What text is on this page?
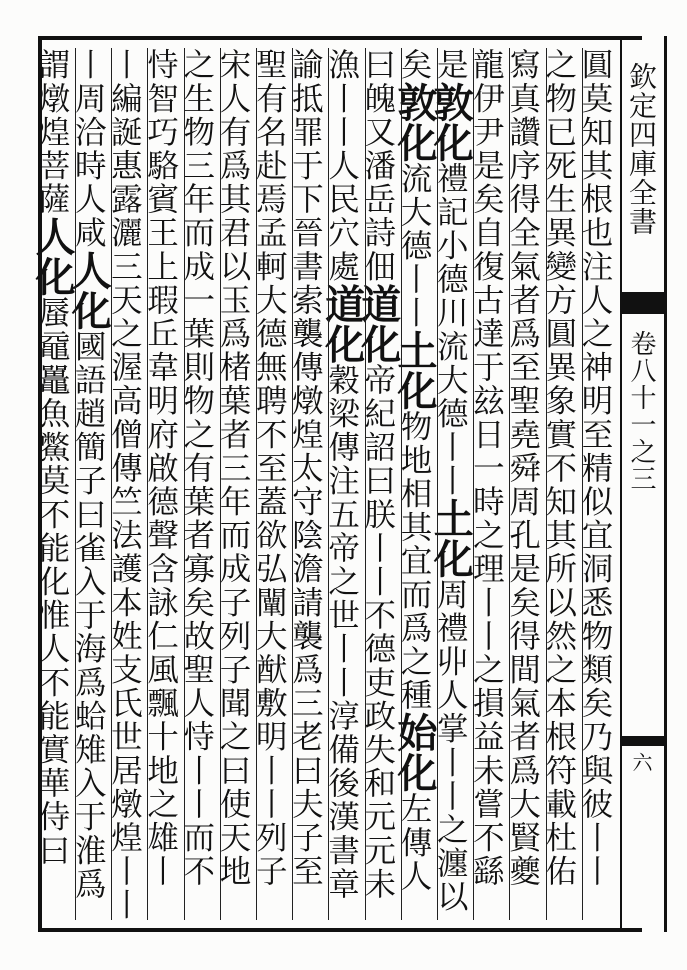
圓莫知其根也注人之神明至精似宜洞悉物類矣乃與彼丨丨
之物已死生異變方圓異象實不知其所以然之本根符載杜佑
寫真讚序得全氣者爲至聖堯舜周孔是矣得間氣者爲大賢夔
龍伊尹是矣自復古達于玆日一時之理丨丨之損益未嘗不繇
是敦化禮記小德川流大德丨丨土化周禮丱人掌丨丨之瀍以
矣敦化流大德丨丨土化物地相其宜而爲之種始化左傳人
曰魄又潘岳詩佃道化帝紀詔曰朕丨丨不德吏政失和元元未
漁丨丨人民穴處道化穀梁傳注五帝之世丨丨淳備後漢書章
諭抵罪于下晉書索襲傳燉煌太守陰澹請襲爲三老曰夫子至
聖有名赴焉孟軻大德無聘不至蓋欲弘闡大猷敷明丨丨列子
宋人有爲其君以玉爲楮葉者三年而成子列子聞之曰使天地
之生物三年而成一葉則物之有葉者寡矣故聖人恃丨丨而不
恃智巧駱賓王上瑕丘韋明府啟德聲含詠仁風飄十地之雄丨
丨編誕惠露灑三天之渥高僧傳竺法護本姓支氏世居燉煌丨丨
丨周洽時人咸人化國語趙簡子曰雀入于海爲蛤雉入于淮爲
謂燉煌菩薩人化蜃黿鼉魚鱉莫不能化惟人不能實華侍曰
欽定四庫全書
卷八十一之三
六
